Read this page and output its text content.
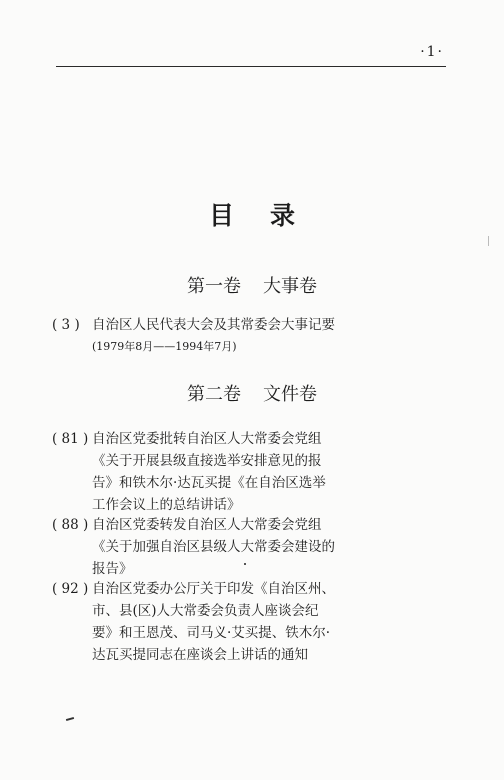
·1·
目 录
第一卷 大事卷
( 3 ) 自治区人民代表大会及其常委会大事记要
(1979年8月——1994年7月)
第二卷 文件卷
( 81 ) 自治区党委批转自治区人大常委会党组
《关于开展县级直接选举安排意见的报
告》和铁木尔·达瓦买提《在自治区选举
工作会议上的总结讲话》
( 88 ) 自治区党委转发自治区人大常委会党组
《关于加强自治区县级人大常委会建设的
报告》
( 92 ) 自治区党委办公厅关于印发《自治区州、
市、县(区)人大常委会负责人座谈会纪
要》和王恩茂、司马义·艾买提、铁木尔·
达瓦买提同志在座谈会上讲话的通知
